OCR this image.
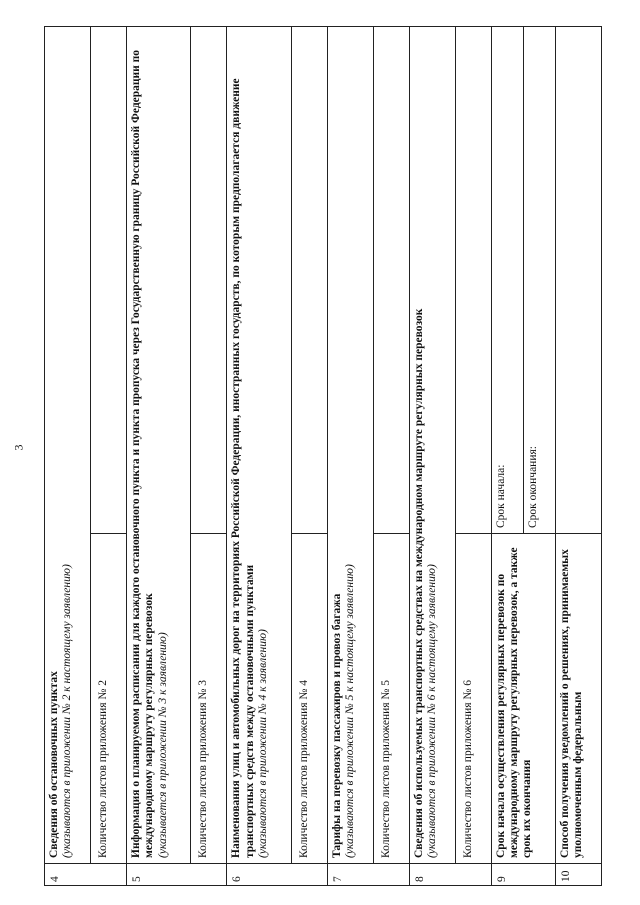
3
4	Сведения об остановочных пунктах
(указываются в приложении № 2 к настоящему заявлению)	
	Количество листов приложения № 2	
5	Информация о планируемом расписании для каждого остановочного пункта и пункта пропуска через Государственную границу Российской Федерации по международному маршруту регулярных перевозок
(указывается в приложении № 3 к заявлению)	
	Количество листов приложения № 3	
6	Наименования улиц и автомобильных дорог на территориях Российской Федерации, иностранных государств, по которым предполагается движение транспортных средств между остановочными пунктами
(указываются в приложении № 4 к заявлению)	
	Количество листов приложения № 4	
7	Тарифы на перевозку пассажиров и провоз багажа
(указываются в приложении № 5 к настоящему заявлению)	
	Количество листов приложения № 5	
8	Сведения об используемых транспортных средствах на международном маршруте регулярных перевозок
(указываются в приложении № 6 к настоящему заявлению)	
	Количество листов приложения № 6	
9	Срок начала осуществления регулярных перевозок по международному маршруту регулярных перевозок, а также срок их окончания	Срок начала:
		Срок окончания:
10	Способ получения уведомлений о решениях, принимаемых уполномоченным федеральным	
